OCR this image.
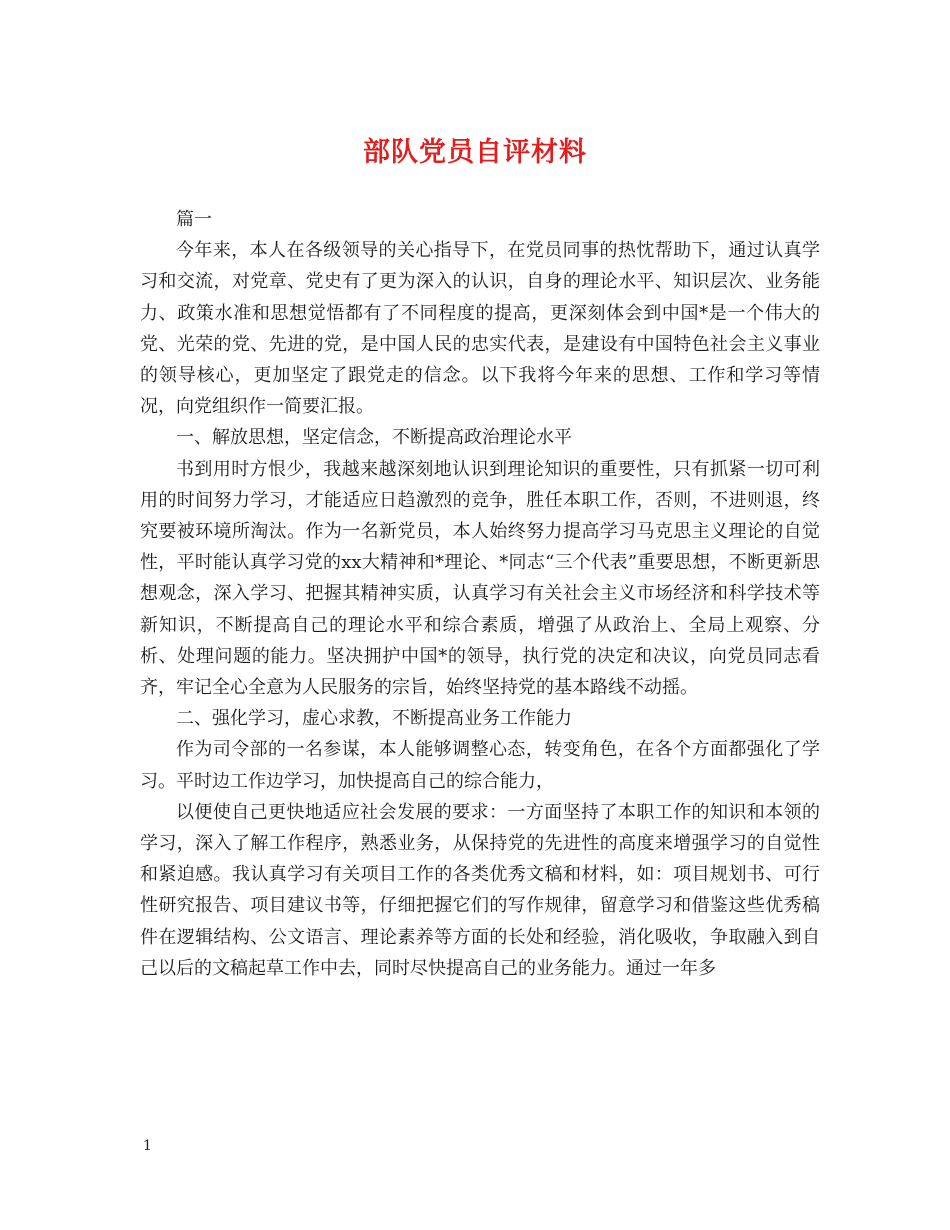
部队党员自评材料

篇一

今年来，本人在各级领导的关心指导下，在党员同事的热忱帮助下，通过认真学习和交流，对党章、党史有了更为深入的认识，自身的理论水平、知识层次、业务能力、政策水准和思想觉悟都有了不同程度的提高，更深刻体会到中国*是一个伟大的党、光荣的党、先进的党，是中国人民的忠实代表，是建设有中国特色社会主义事业的领导核心，更加坚定了跟党走的信念。以下我将今年来的思想、工作和学习等情况，向党组织作一简要汇报。

一、解放思想，坚定信念，不断提高政治理论水平

书到用时方恨少，我越来越深刻地认识到理论知识的重要性，只有抓紧一切可利用的时间努力学习，才能适应日趋激烈的竞争，胜任本职工作，否则，不进则退，终究要被环境所淘汰。作为一名新党员，本人始终努力提高学习马克思主义理论的自觉性，平时能认真学习党的xx大精神和*理论、*同志“三个代表”重要思想，不断更新思想观念，深入学习、把握其精神实质，认真学习有关社会主义市场经济和科学技术等新知识，不断提高自己的理论水平和综合素质，增强了从政治上、全局上观察、分析、处理问题的能力。坚决拥护中国*的领导，执行党的决定和决议，向党员同志看齐，牢记全心全意为人民服务的宗旨，始终坚持党的基本路线不动摇。

二、强化学习，虚心求教，不断提高业务工作能力

作为司令部的一名参谋，本人能够调整心态，转变角色，在各个方面都强化了学习。平时边工作边学习，加快提高自己的综合能力，

以便使自己更快地适应社会发展的要求：一方面坚持了本职工作的知识和本领的学习，深入了解工作程序，熟悉业务，从保持党的先进性的高度来增强学习的自觉性和紧迫感。我认真学习有关项目工作的各类优秀文稿和材料，如：项目规划书、可行性研究报告、项目建议书等，仔细把握它们的写作规律，留意学习和借鉴这些优秀稿件在逻辑结构、公文语言、理论素养等方面的长处和经验，消化吸收，争取融入到自己以后的文稿起草工作中去，同时尽快提高自己的业务能力。通过一年多

1
